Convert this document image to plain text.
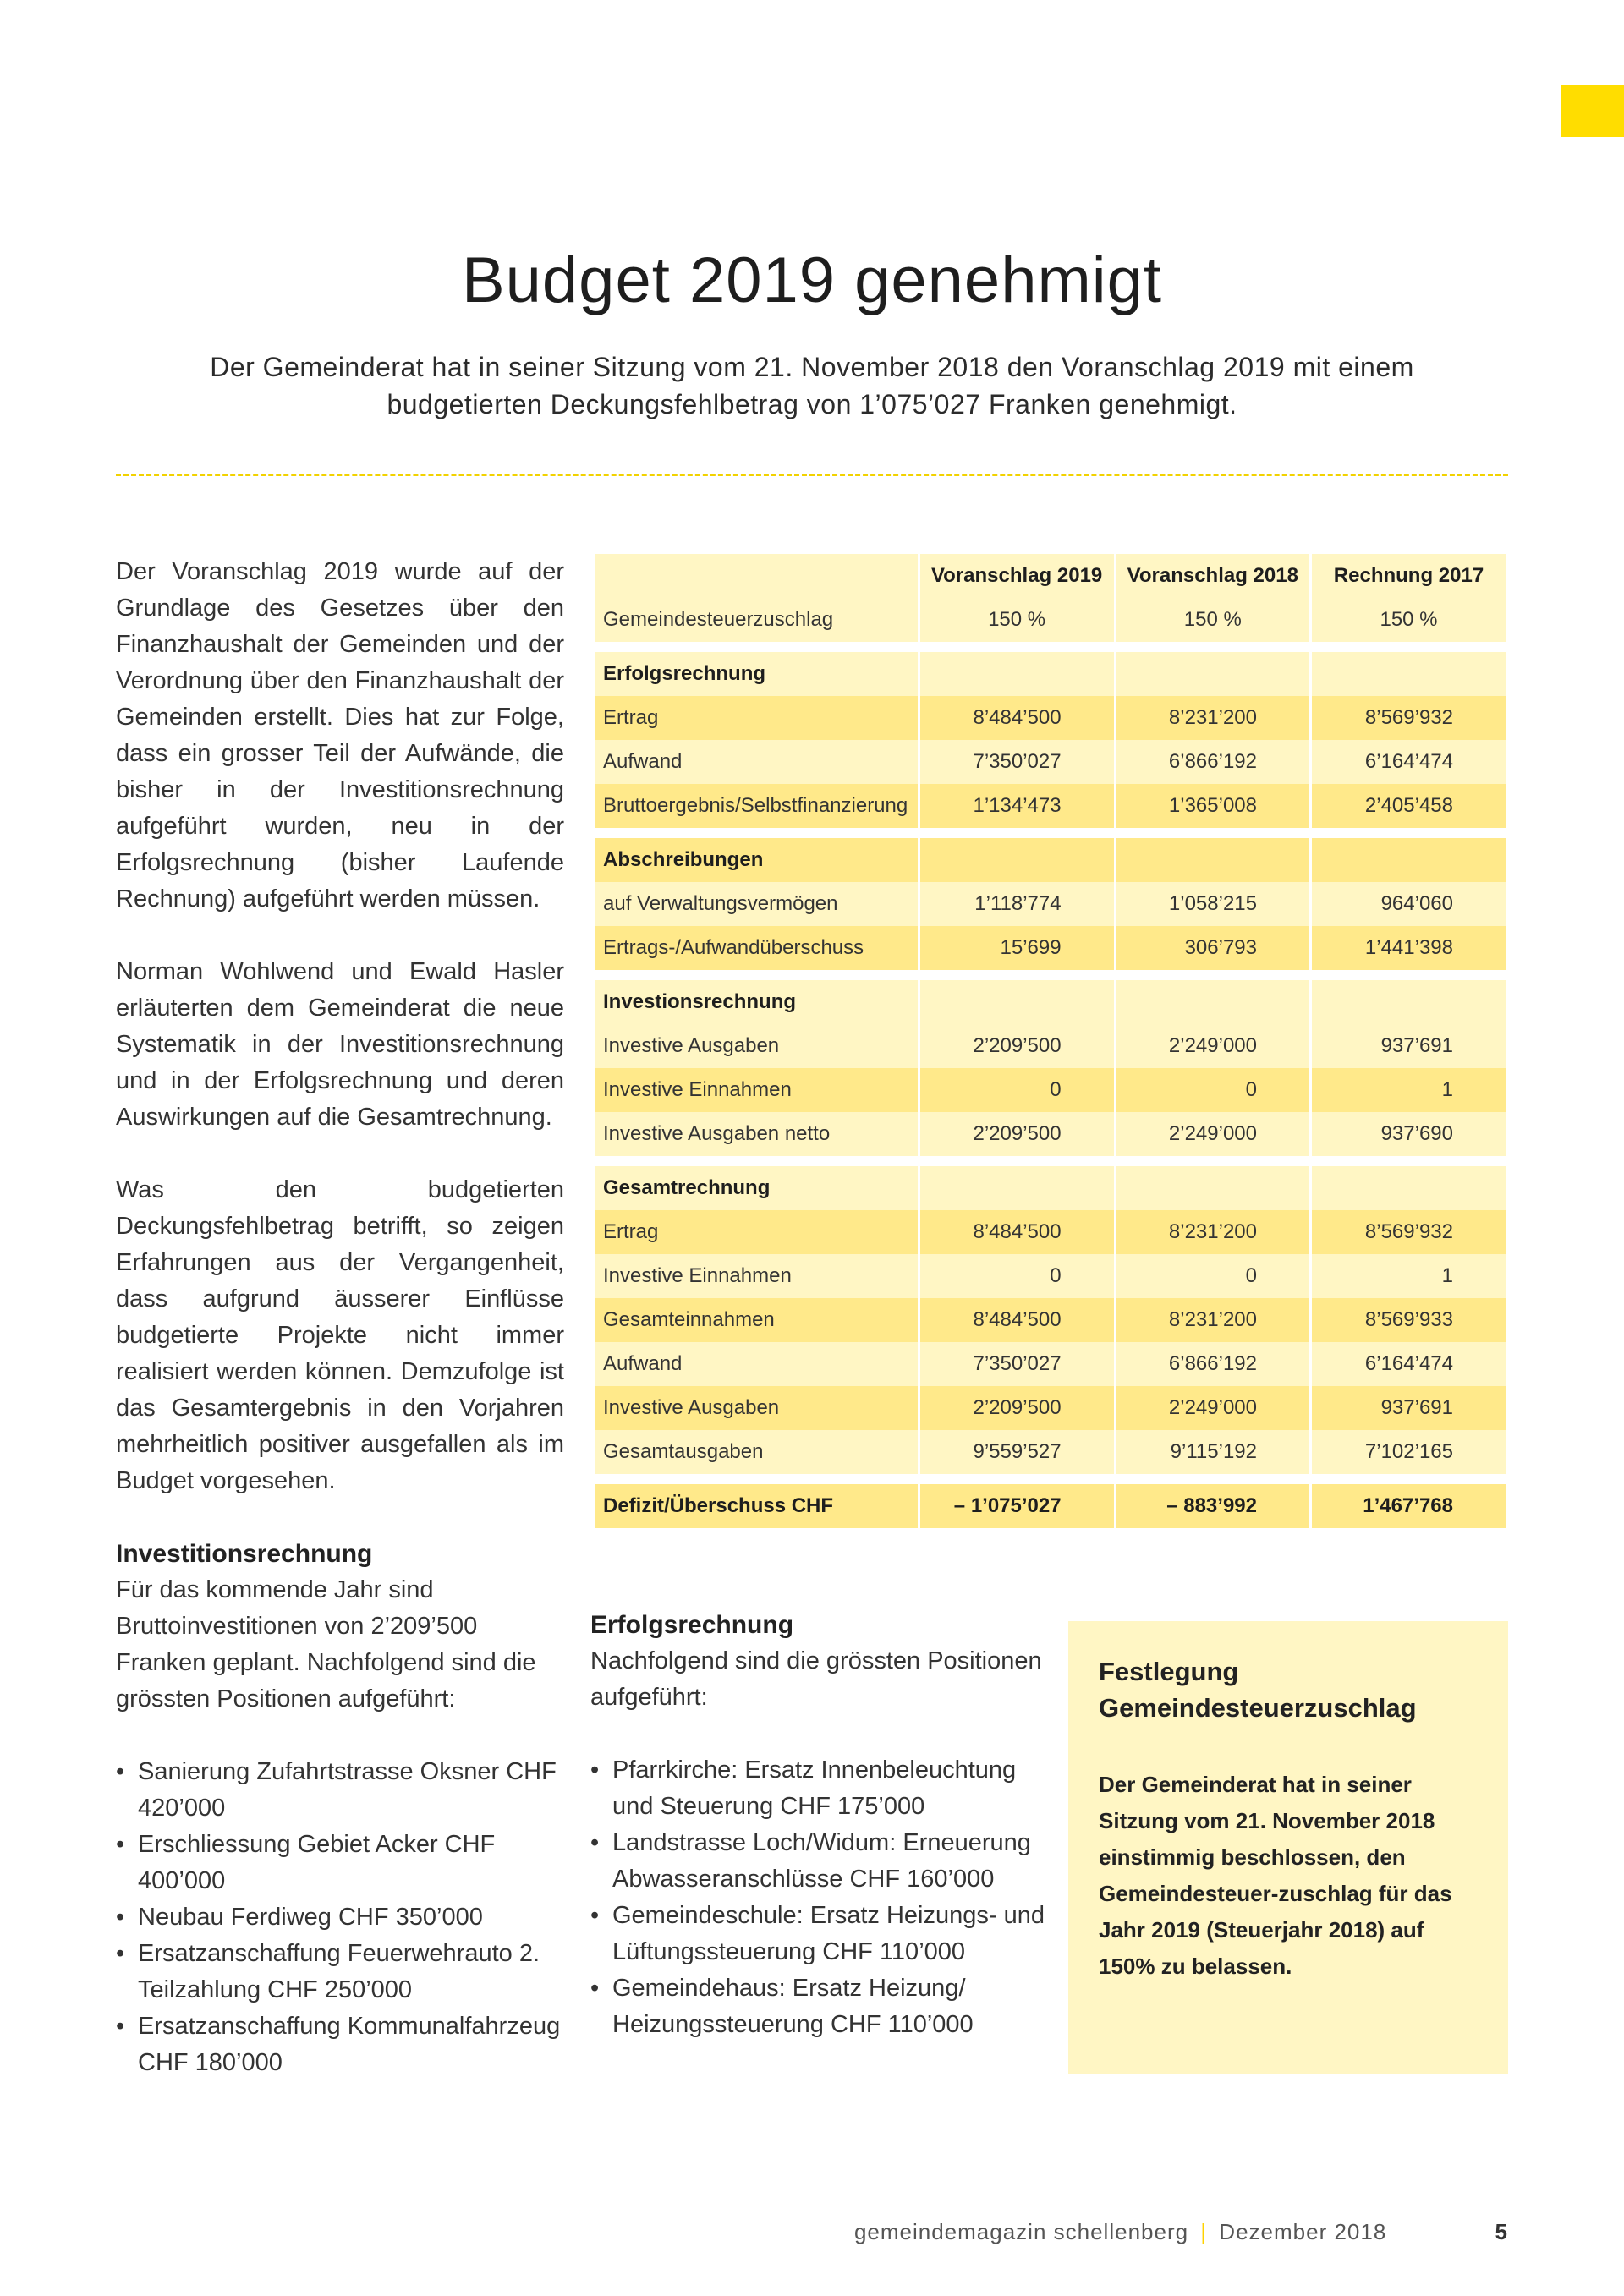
Budget 2019 genehmigt
Der Gemeinderat hat in seiner Sitzung vom 21. November 2018 den Voranschlag 2019 mit einem budgetierten Deckungsfehlbetrag von 1’075’027 Franken genehmigt.

Der Voranschlag 2019 wurde auf der Grundlage des Gesetzes über den Finanzhaushalt der Gemeinden und der Verordnung über den Finanzhaushalt der Gemeinden erstellt. Dies hat zur Folge, dass ein grosser Teil der Aufwände, die bisher in der Investitionsrechnung aufgeführt wurden, neu in der Erfolgsrechnung (bisher Laufende Rechnung) aufgeführt werden müssen.

Norman Wohlwend und Ewald Hasler erläuterten dem Gemeinderat die neue Systematik in der Investitionsrechnung und in der Erfolgsrechnung und deren Auswirkungen auf die Gesamtrechnung.

Was den budgetierten Deckungsfehlbetrag betrifft, so zeigen Erfahrungen aus der Vergangenheit, dass aufgrund äusserer Einflüsse budgetierte Projekte nicht immer realisiert werden können. Demzufolge ist das Gesamtergebnis in den Vorjahren mehrheitlich positiver ausgefallen als im Budget vorgesehen.

Investitionsrechnung
Für das kommende Jahr sind Bruttoinvestitionen von 2’209’500 Franken geplant. Nachfolgend sind die grössten Positionen aufgeführt:
• Sanierung Zufahrtstrasse Oksner CHF 420’000
• Erschliessung Gebiet Acker CHF 400’000
• Neubau Ferdiweg CHF 350’000
• Ersatzanschaffung Feuerwehrauto 2. Teilzahlung CHF 250’000
• Ersatzanschaffung Kommunalfahrzeug CHF 180’000
	Voranschlag 2019	Voranschlag 2018	Rechnung 2017
Gemeindesteuerzuschlag	150 %	150 %	150 %

Erfolgsrechnung			
Ertrag	8’484’500	8’231’200	8’569’932
Aufwand	7’350’027	6’866’192	6’164’474
Bruttoergebnis/Selbstfinanzierung	1’134’473	1’365’008	2’405’458

Abschreibungen			
auf Verwaltungsvermögen	1’118’774	1’058’215	964’060
Ertrags-/Aufwandüberschuss	15’699	306’793	1’441’398

Investionsrechnung			
Investive Ausgaben	2’209’500	2’249’000	937’691
Investive Einnahmen	0	0	1
Investive Ausgaben netto	2’209’500	2’249’000	937’690

Gesamtrechnung			
Ertrag	8’484’500	8’231’200	8’569’932
Investive Einnahmen	0	0	1
Gesamteinnahmen	8’484’500	8’231’200	8’569’933
Aufwand	7’350’027	6’866’192	6’164’474
Investive Ausgaben	2’209’500	2’249’000	937’691
Gesamtausgaben	9’559’527	9’115’192	7’102’165

Defizit/Überschuss CHF	– 1’075’027	– 883’992	1’467’768
Erfolgsrechnung
Nachfolgend sind die grössten Positionen aufgeführt:
• Pfarrkirche: Ersatz Innenbeleuchtung und Steuerung CHF 175’000
• Landstrasse Loch/Widum: Erneuerung Abwasseranschlüsse CHF 160’000
• Gemeindeschule: Ersatz Heizungs- und Lüftungssteuerung CHF 110’000
• Gemeindehaus: Ersatz Heizung/ Heizungssteuerung CHF 110’000
Festlegung Gemeindesteuerzuschlag

Der Gemeinderat hat in seiner Sitzung vom 21. November 2018 einstimmig beschlossen, den Gemeindesteuer-zuschlag für das Jahr 2019 (Steuerjahr 2018) auf 150% zu belassen.

gemeindemagazin schellenberg | Dezember 2018	5
